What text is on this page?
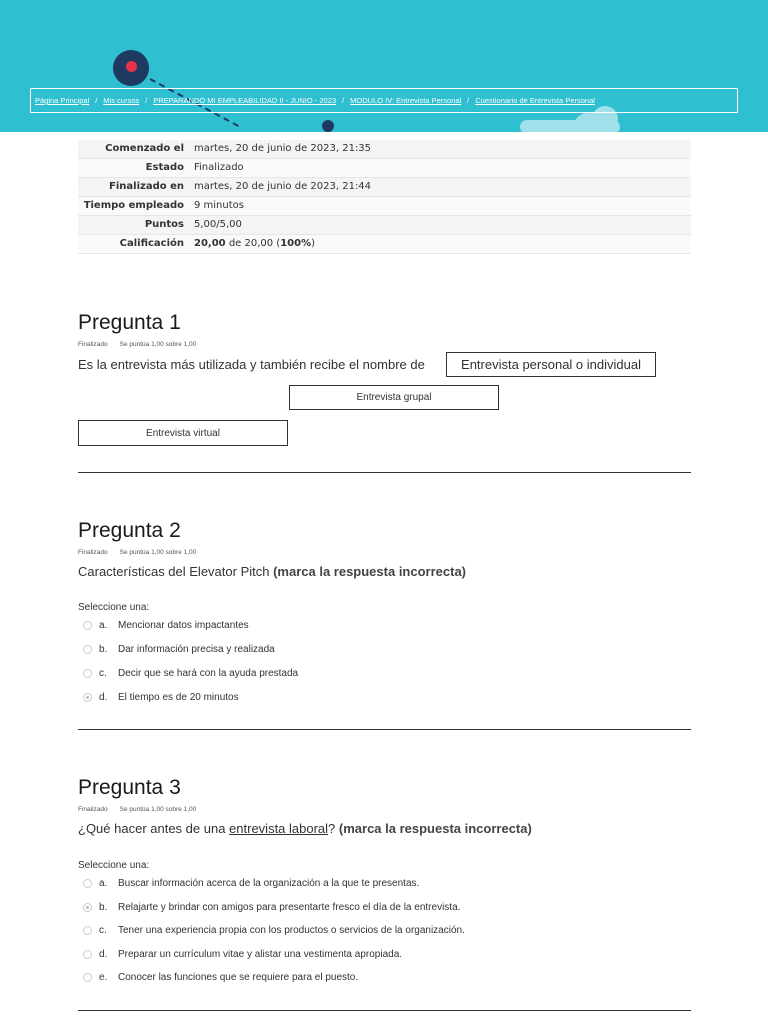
Página Principal / Mis cursos / PREPARANDO MI EMPLEABILIDAD II - JUNIO - 2023 / MODULO IV: Entrevista Personal / Cuestionario de Entrevista Personal
Comenzado el	martes, 20 de junio de 2023, 21:35
Estado	Finalizado
Finalizado en	martes, 20 de junio de 2023, 21:44
Tiempo empleado	9 minutos
Puntos	5,00/5,00
Calificación	20,00 de 20,00 (100%)
Pregunta 1
Finalizado Se puntúa 1,00 sobre 1,00
Es la entrevista más utilizada y también recibe el nombre de	Entrevista personal o individual
Entrevista grupal
Entrevista virtual
Pregunta 2
Finalizado Se puntúa 1,00 sobre 1,00
Características del Elevator Pitch (marca la respuesta incorrecta)
Seleccione una:
a.	Mencionar datos impactantes
b.	Dar información precisa y realizada
c.	Decir que se hará con la ayuda prestada
d.	El tiempo es de 20 minutos
Pregunta 3
Finalizado Se puntúa 1,00 sobre 1,00
¿Qué hacer antes de una entrevista laboral? (marca la respuesta incorrecta)
Seleccione una:
a.	Buscar información acerca de la organización a la que te presentas.
b.	Relajarte y brindar con amigos para presentarte fresco el día de la entrevista.
c.	Tener una experiencia propia con los productos o servicios de la organización.
d.	Preparar un currículum vitae y alistar una vestimenta apropiada.
e.	Conocer las funciones que se requiere para el puesto.
